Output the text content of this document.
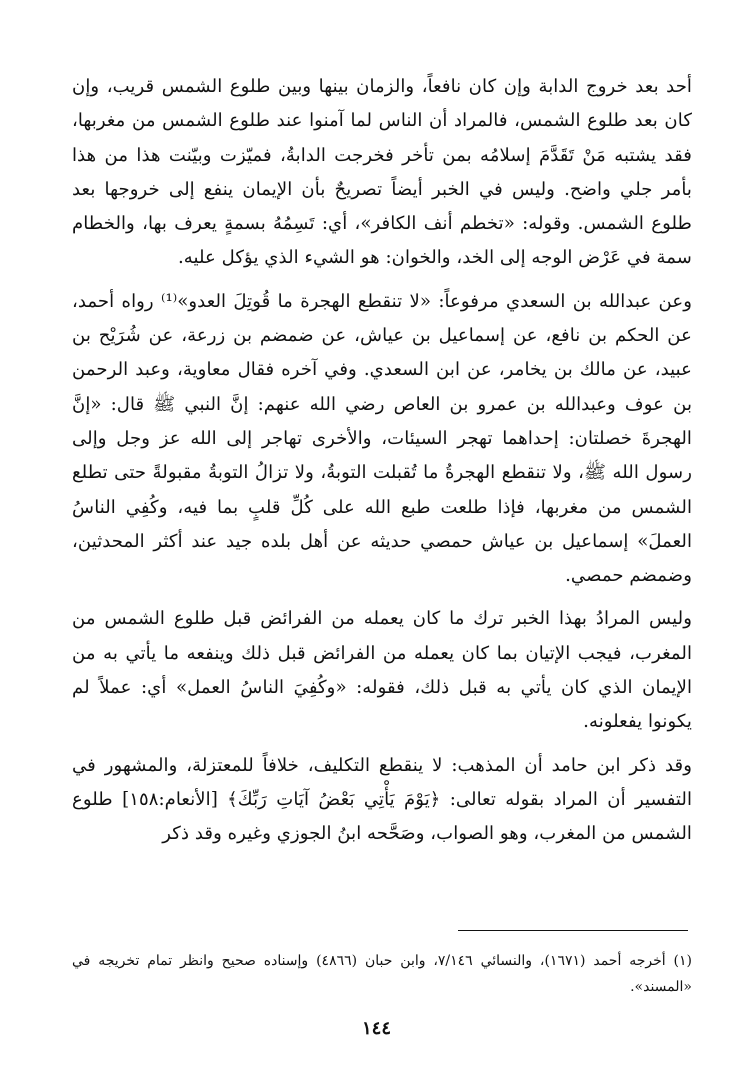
أحد بعد خروج الدابة وإن كان نافعاً، والزمان بينها وبين طلوع الشمس قريب، وإن كان بعد طلوع الشمس، فالمراد أن الناس لما آمنوا عند طلوع الشمس من مغربها، فقد يشتبه مَنْ تَقَدَّمَ إسلامُه بمن تأخر فخرجت الدابةُ، فميّزت وبيّنت هذا من هذا بأمر جلي واضح. وليس في الخبر أيضاً تصريحٌ بأن الإيمان ينفع إلى خروجها بعد طلوع الشمس. وقوله: «تخطم أنف الكافر»، أي: تَسِمُهُ بسمةٍ يعرف بها، والخطام سمة في عَرْض الوجه إلى الخد، والخوان: هو الشيء الذي يؤكل عليه.

وعن عبدالله بن السعدي مرفوعاً: «لا تنقطع الهجرة ما قُوتِلَ العدو»⁽¹⁾ رواه أحمد، عن الحكم بن نافع، عن إسماعيل بن عياش، عن ضمضم بن زرعة، عن شُرَيْح بن عبيد، عن مالك بن يخامر، عن ابن السعدي. وفي آخره فقال معاوية، وعبد الرحمن بن عوف وعبدالله بن عمرو بن العاص رضي الله عنهم: إنَّ النبي ﷺ قال: «إنَّ الهجرةَ خصلتان: إحداهما تهجر السيئات، والأخرى تهاجر إلى الله عز وجل وإلى رسول الله ﷺ، ولا تنقطع الهجرةُ ما تُقبلت التوبةُ، ولا تزالُ التوبةُ مقبولةً حتى تطلع الشمس من مغربها، فإذا طلعت طبع الله على كُلِّ قلبٍ بما فيه، وكُفِي الناسُ العملَ» إسماعيل بن عياش حمصي حديثه عن أهل بلده جيد عند أكثر المحدثين، وضمضم حمصي.

وليس المرادُ بهذا الخبر ترك ما كان يعمله من الفرائض قبل طلوع الشمس من المغرب، فيجب الإتيان بما كان يعمله من الفرائض قبل ذلك وينفعه ما يأتي به من الإيمان الذي كان يأتي به قبل ذلك، فقوله: «وكُفِيَ الناسُ العمل» أي: عملاً لم يكونوا يفعلونه.

وقد ذكر ابن حامد أن المذهب: لا ينقطع التكليف، خلافاً للمعتزلة، والمشهور في التفسير أن المراد بقوله تعالى: ﴿يَوْمَ يَأْتِي بَعْضُ آيَاتِ رَبِّكَ﴾ [الأنعام:١٥٨] طلوع الشمس من المغرب، وهو الصواب، وصَحَّحه ابنُ الجوزي وغيره وقد ذكر

(١) أخرجه أحمد (١٦٧١)، والنسائي ٧/١٤٦، وابن حبان (٤٨٦٦) وإسناده صحيح وانظر تمام تخريجه في «المسند».

١٤٤
